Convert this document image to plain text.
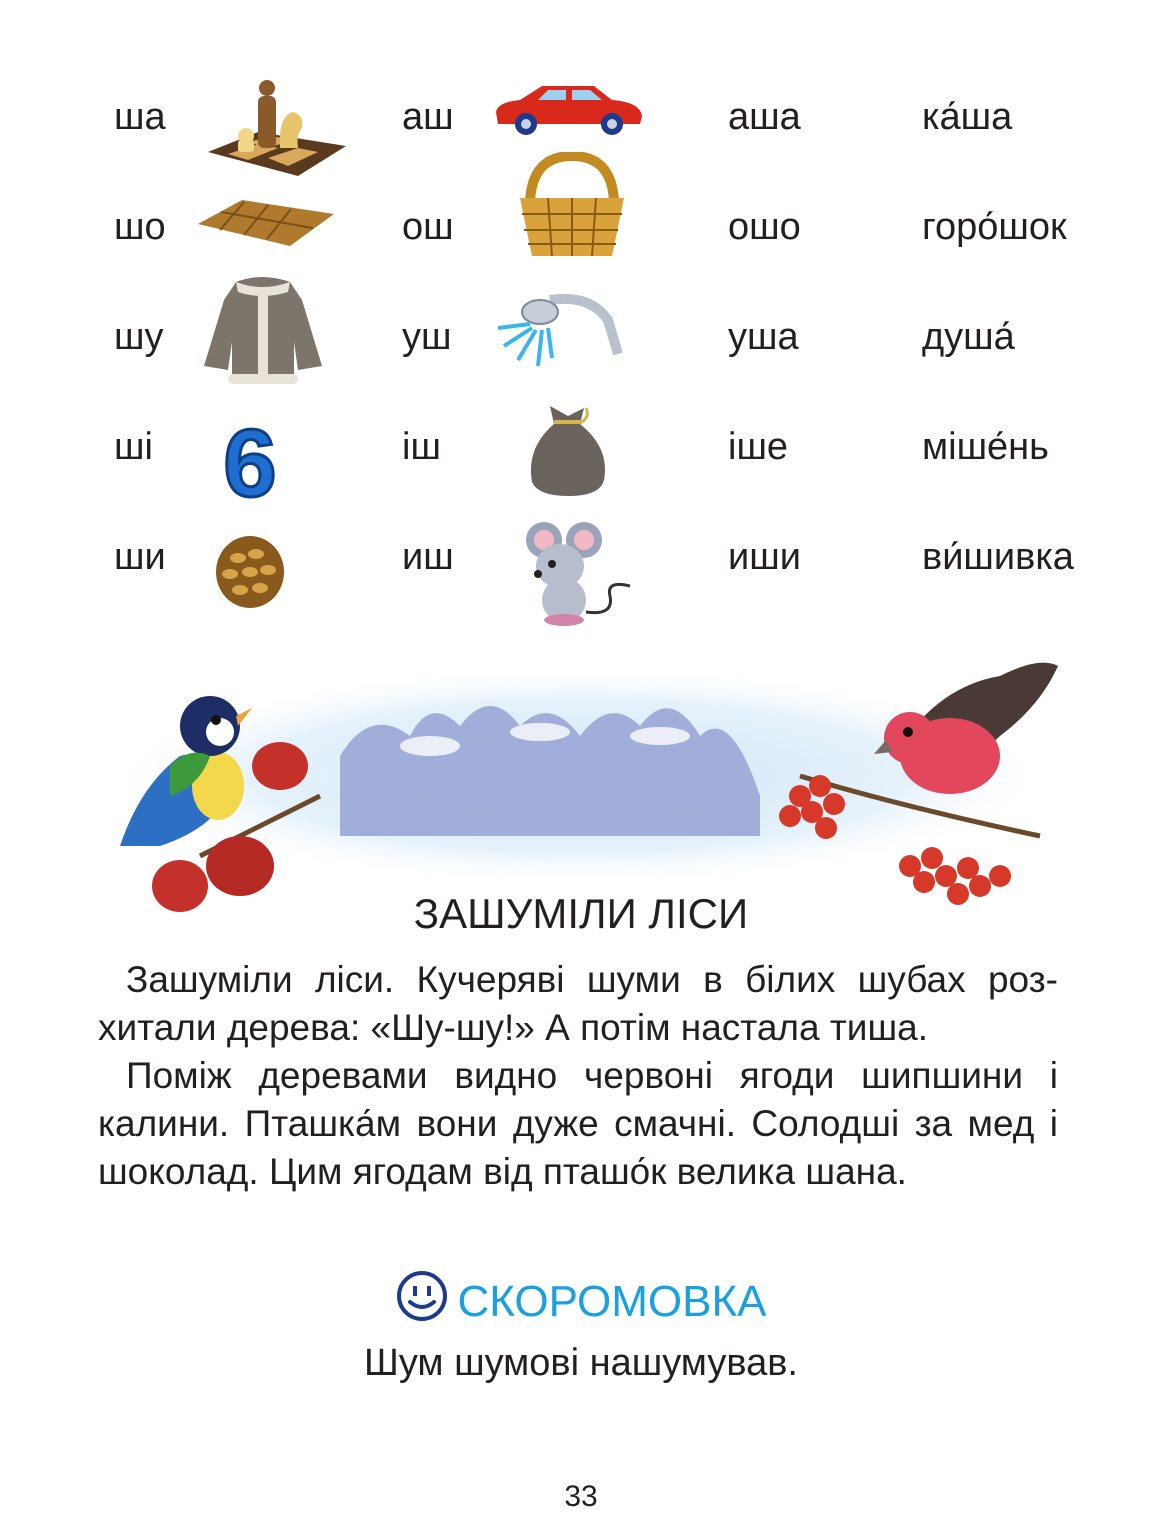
ша
шо
шу
ші
ши
6
аш
ош
уш
іш
иш
аша
ошо
уша
іше
иши
ка́ша
горо́шок
душа́
міше́нь
ви́шивка
ЗАШУМІЛИ ЛІСИ

Зашуміли ліси. Кучеряві шуми в білих шубах розхитали дерева: «Шу-шу!» А потім настала тиша.

Поміж деревами видно червоні ягоди шипшини і калини. Пташка́м вони дуже смачні. Солодші за мед і шоколад. Цим ягодам від пташо́к велика шана.

СКОРОМОВКА
Шум шумові нашумував.
33
